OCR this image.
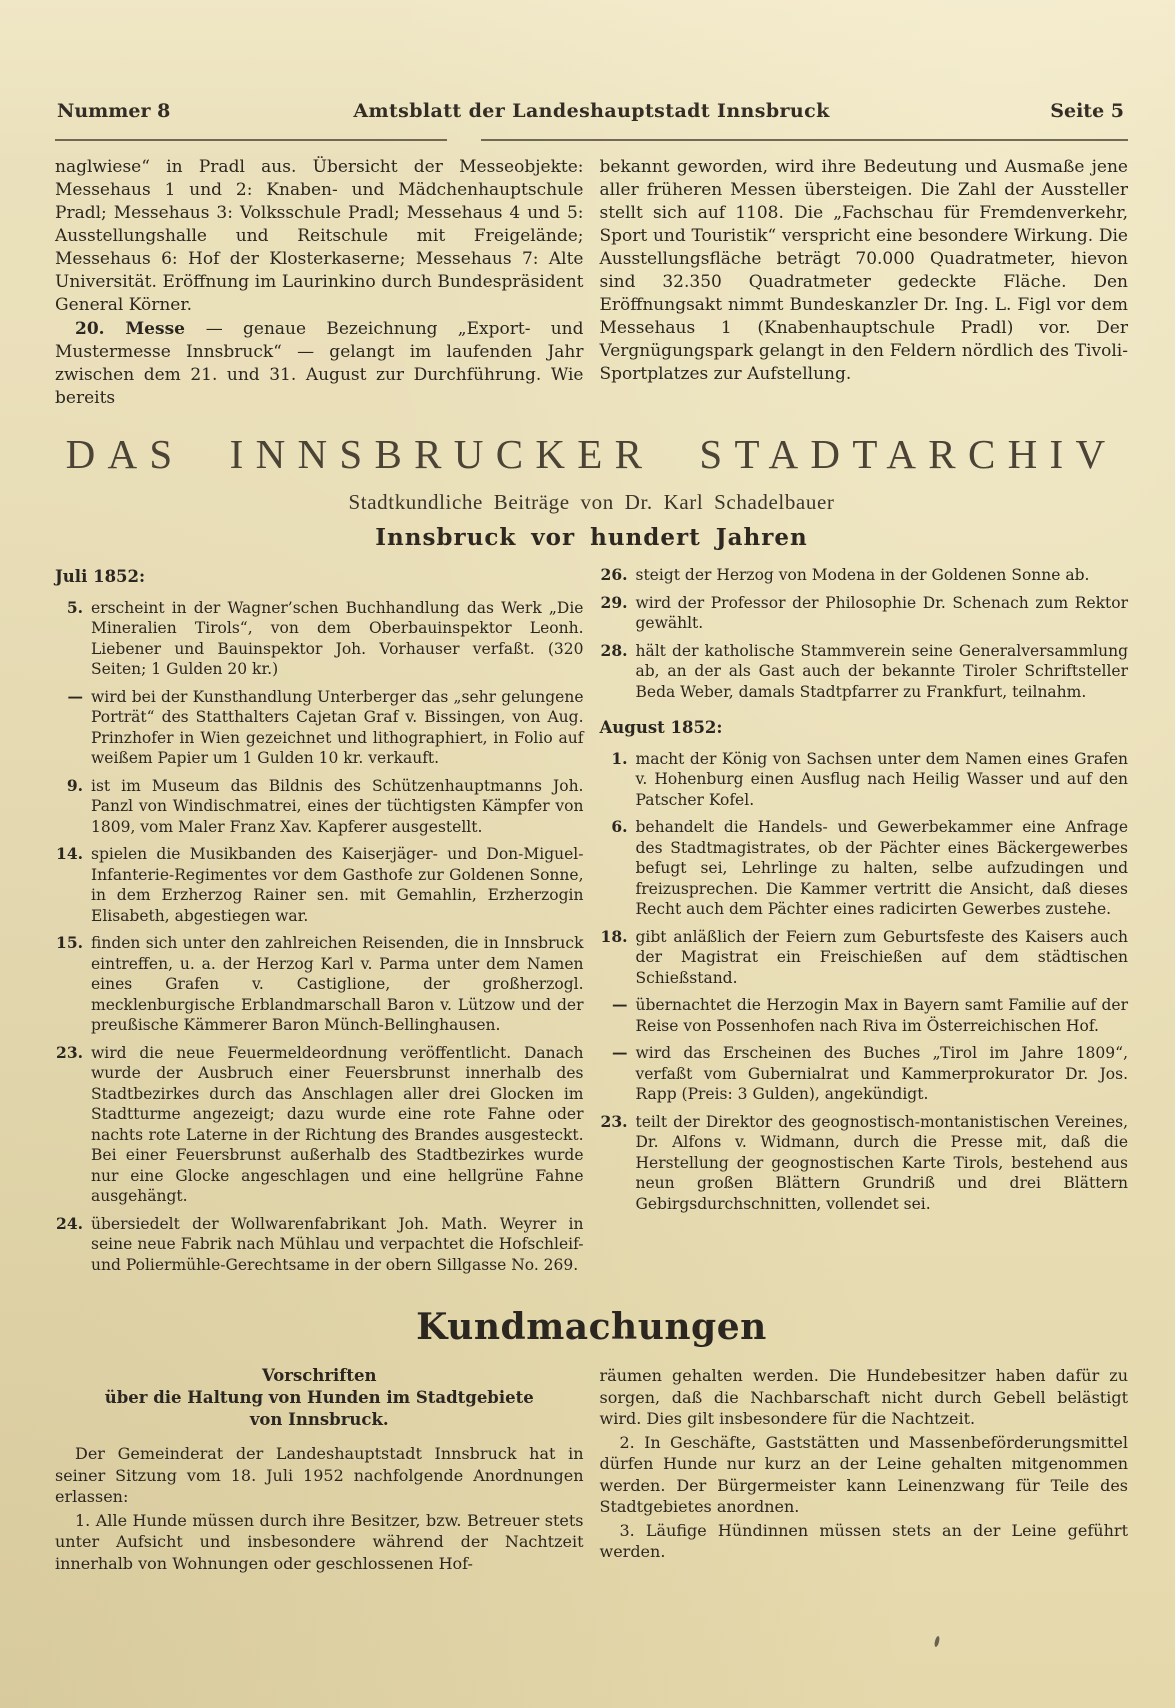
Nummer 8	Amtsblatt der Landeshauptstadt Innsbruck	Seite 5

naglwiese“ in Pradl aus. Übersicht der Messeobjekte: Messehaus 1 und 2: Knaben- und Mädchenhauptschule Pradl; Messehaus 3: Volksschule Pradl; Messehaus 4 und 5: Ausstellungshalle und Reitschule mit Freigelände; Messehaus 6: Hof der Klosterkaserne; Messehaus 7: Alte Universität. Eröffnung im Laurinkino durch Bundespräsident General Körner.

20. Messe — genaue Bezeichnung „Export- und Mustermesse Innsbruck“ — gelangt im laufenden Jahr zwischen dem 21. und 31. August zur Durchführung. Wie bereits

bekannt geworden, wird ihre Bedeutung und Ausmaße jene aller früheren Messen übersteigen. Die Zahl der Aussteller stellt sich auf 1108. Die „Fachschau für Fremdenverkehr, Sport und Touristik“ verspricht eine besondere Wirkung. Die Ausstellungsfläche beträgt 70.000 Quadratmeter, hievon sind 32.350 Quadratmeter gedeckte Fläche. Den Eröffnungsakt nimmt Bundeskanzler Dr. Ing. L. Figl vor dem Messehaus 1 (Knabenhauptschule Pradl) vor. Der Vergnügungspark gelangt in den Feldern nördlich des Tivoli-Sportplatzes zur Aufstellung.

DAS INNSBRUCKER STADTARCHIV
Stadtkundliche Beiträge von Dr. Karl Schadelbauer
Innsbruck vor hundert Jahren
Juli 1852:
5. erscheint in der Wagner’schen Buchhandlung das Werk „Die Mineralien Tirols“, von dem Oberbauinspektor Leonh. Liebener und Bauinspektor Joh. Vorhauser verfaßt. (320 Seiten; 1 Gulden 20 kr.)
— wird bei der Kunsthandlung Unterberger das „sehr gelungene Porträt“ des Statthalters Cajetan Graf v. Bissingen, von Aug. Prinzhofer in Wien gezeichnet und lithographiert, in Folio auf weißem Papier um 1 Gulden 10 kr. verkauft.
9. ist im Museum das Bildnis des Schützenhauptmanns Joh. Panzl von Windischmatrei, eines der tüchtigsten Kämpfer von 1809, vom Maler Franz Xav. Kapferer ausgestellt.
14. spielen die Musikbanden des Kaiserjäger- und Don-Miguel-Infanterie-Regimentes vor dem Gasthofe zur Goldenen Sonne, in dem Erzherzog Rainer sen. mit Gemahlin, Erzherzogin Elisabeth, abgestiegen war.
15. finden sich unter den zahlreichen Reisenden, die in Innsbruck eintreffen, u. a. der Herzog Karl v. Parma unter dem Namen eines Grafen v. Castiglione, der großherzogl. mecklenburgische Erblandmarschall Baron v. Lützow und der preußische Kämmerer Baron Münch-Bellinghausen.
23. wird die neue Feuermeldeordnung veröffentlicht. Danach wurde der Ausbruch einer Feuersbrunst innerhalb des Stadtbezirkes durch das Anschlagen aller drei Glocken im Stadtturme angezeigt; dazu wurde eine rote Fahne oder nachts rote Laterne in der Richtung des Brandes ausgesteckt. Bei einer Feuersbrunst außerhalb des Stadtbezirkes wurde nur eine Glocke angeschlagen und eine hellgrüne Fahne ausgehängt.
24. übersiedelt der Wollwarenfabrikant Joh. Math. Weyrer in seine neue Fabrik nach Mühlau und verpachtet die Hofschleif- und Poliermühle-Gerechtsame in der obern Sillgasse No. 269.
26. steigt der Herzog von Modena in der Goldenen Sonne ab.
29. wird der Professor der Philosophie Dr. Schenach zum Rektor gewählt.
28. hält der katholische Stammverein seine Generalversammlung ab, an der als Gast auch der bekannte Tiroler Schriftsteller Beda Weber, damals Stadtpfarrer zu Frankfurt, teilnahm.
August 1852:
1. macht der König von Sachsen unter dem Namen eines Grafen v. Hohenburg einen Ausflug nach Heilig Wasser und auf den Patscher Kofel.
6. behandelt die Handels- und Gewerbekammer eine Anfrage des Stadtmagistrates, ob der Pächter eines Bäckergewerbes befugt sei, Lehrlinge zu halten, selbe aufzudingen und freizusprechen. Die Kammer vertritt die Ansicht, daß dieses Recht auch dem Pächter eines radicirten Gewerbes zustehe.
18. gibt anläßlich der Feiern zum Geburtsfeste des Kaisers auch der Magistrat ein Freischießen auf dem städtischen Schießstand.
— übernachtet die Herzogin Max in Bayern samt Familie auf der Reise von Possenhofen nach Riva im Österreichischen Hof.
— wird das Erscheinen des Buches „Tirol im Jahre 1809“, verfaßt vom Gubernialrat und Kammerprokurator Dr. Jos. Rapp (Preis: 3 Gulden), angekündigt.
23. teilt der Direktor des geognostisch-montanistischen Vereines, Dr. Alfons v. Widmann, durch die Presse mit, daß die Herstellung der geognostischen Karte Tirols, bestehend aus neun großen Blättern Grundriß und drei Blättern Gebirgsdurchschnitten, vollendet sei.
Kundmachungen
Vorschriften
über die Haltung von Hunden im Stadtgebiete
von Innsbruck.

Der Gemeinderat der Landeshauptstadt Innsbruck hat in seiner Sitzung vom 18. Juli 1952 nachfolgende Anordnungen erlassen:

1. Alle Hunde müssen durch ihre Besitzer, bzw. Betreuer stets unter Aufsicht und insbesondere während der Nachtzeit innerhalb von Wohnungen oder geschlossenen Hof-

räumen gehalten werden. Die Hundebesitzer haben dafür zu sorgen, daß die Nachbarschaft nicht durch Gebell belästigt wird. Dies gilt insbesondere für die Nachtzeit.

2. In Geschäfte, Gaststätten und Massenbeförderungsmittel dürfen Hunde nur kurz an der Leine gehalten mitgenommen werden. Der Bürgermeister kann Leinenzwang für Teile des Stadtgebietes anordnen.

3. Läufige Hündinnen müssen stets an der Leine geführt werden.
